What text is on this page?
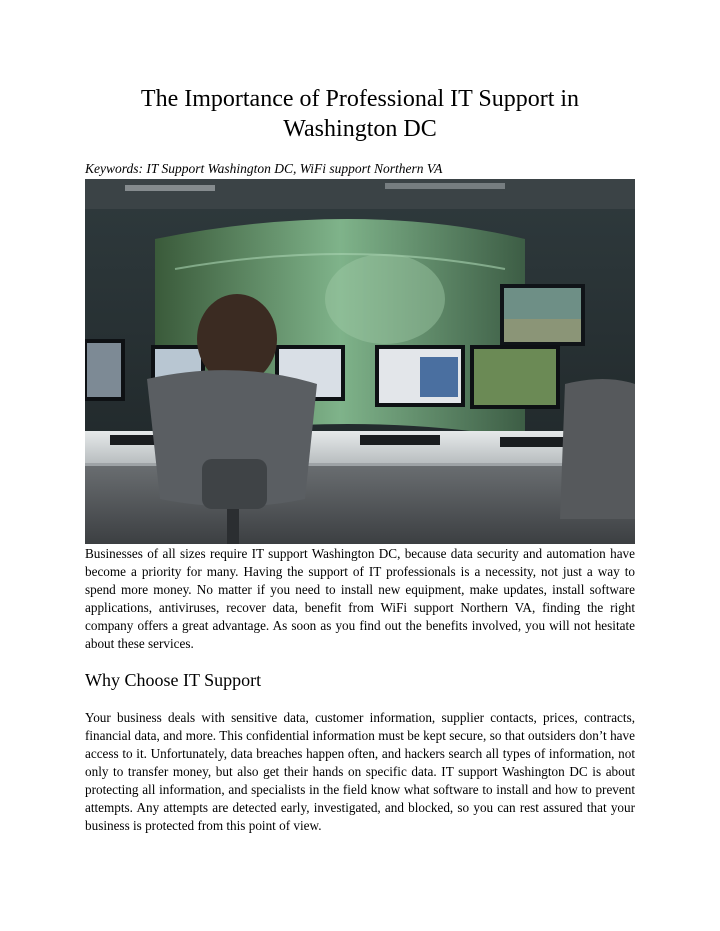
The Importance of Professional IT Support in Washington DC
Keywords: IT Support Washington DC, WiFi support Northern VA

Businesses of all sizes require IT support Washington DC, because data security and automation have become a priority for many. Having the support of IT professionals is a necessity, not just a way to spend more money. No matter if you need to install new equipment, make updates, install software applications, antiviruses, recover data, benefit from WiFi support Northern VA, finding the right company offers a great advantage. As soon as you find out the benefits involved, you will not hesitate about these services.

Why Choose IT Support

Your business deals with sensitive data, customer information, supplier contacts, prices, contracts, financial data, and more. This confidential information must be kept secure, so that outsiders don’t have access to it. Unfortunately, data breaches happen often, and hackers search all types of information, not only to transfer money, but also get their hands on specific data. IT support Washington DC is about protecting all information, and specialists in the field know what software to install and how to prevent attempts. Any attempts are detected early, investigated, and blocked, so you can rest assured that your business is protected from this point of view.
